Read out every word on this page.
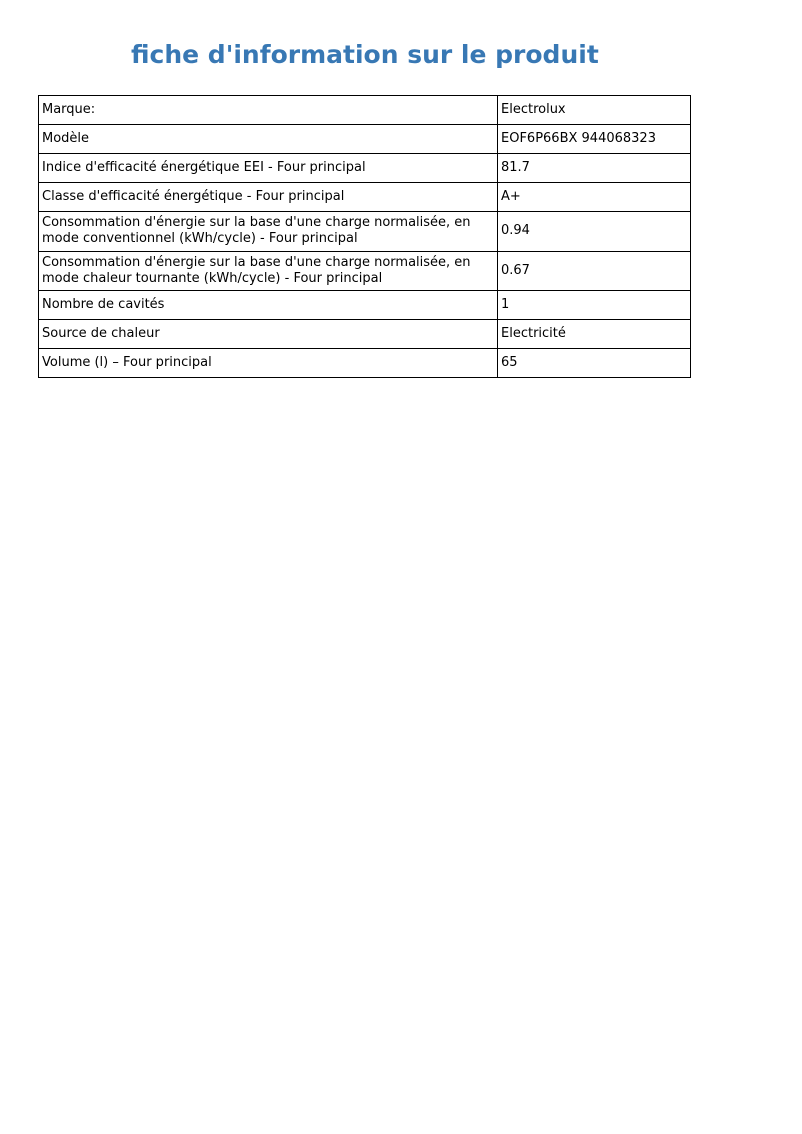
fiche d'information sur le produit
Marque:	Electrolux
Modèle	EOF6P66BX 944068323
Indice d'efficacité énergétique EEI - Four principal	81.7
Classe d'efficacité énergétique - Four principal	A+
Consommation d'énergie sur la base d'une charge normalisée, en mode conventionnel (kWh/cycle) - Four principal	0.94
Consommation d'énergie sur la base d'une charge normalisée, en mode chaleur tournante (kWh/cycle) - Four principal	0.67
Nombre de cavités	1
Source de chaleur	Electricité
Volume (l) – Four principal	65
